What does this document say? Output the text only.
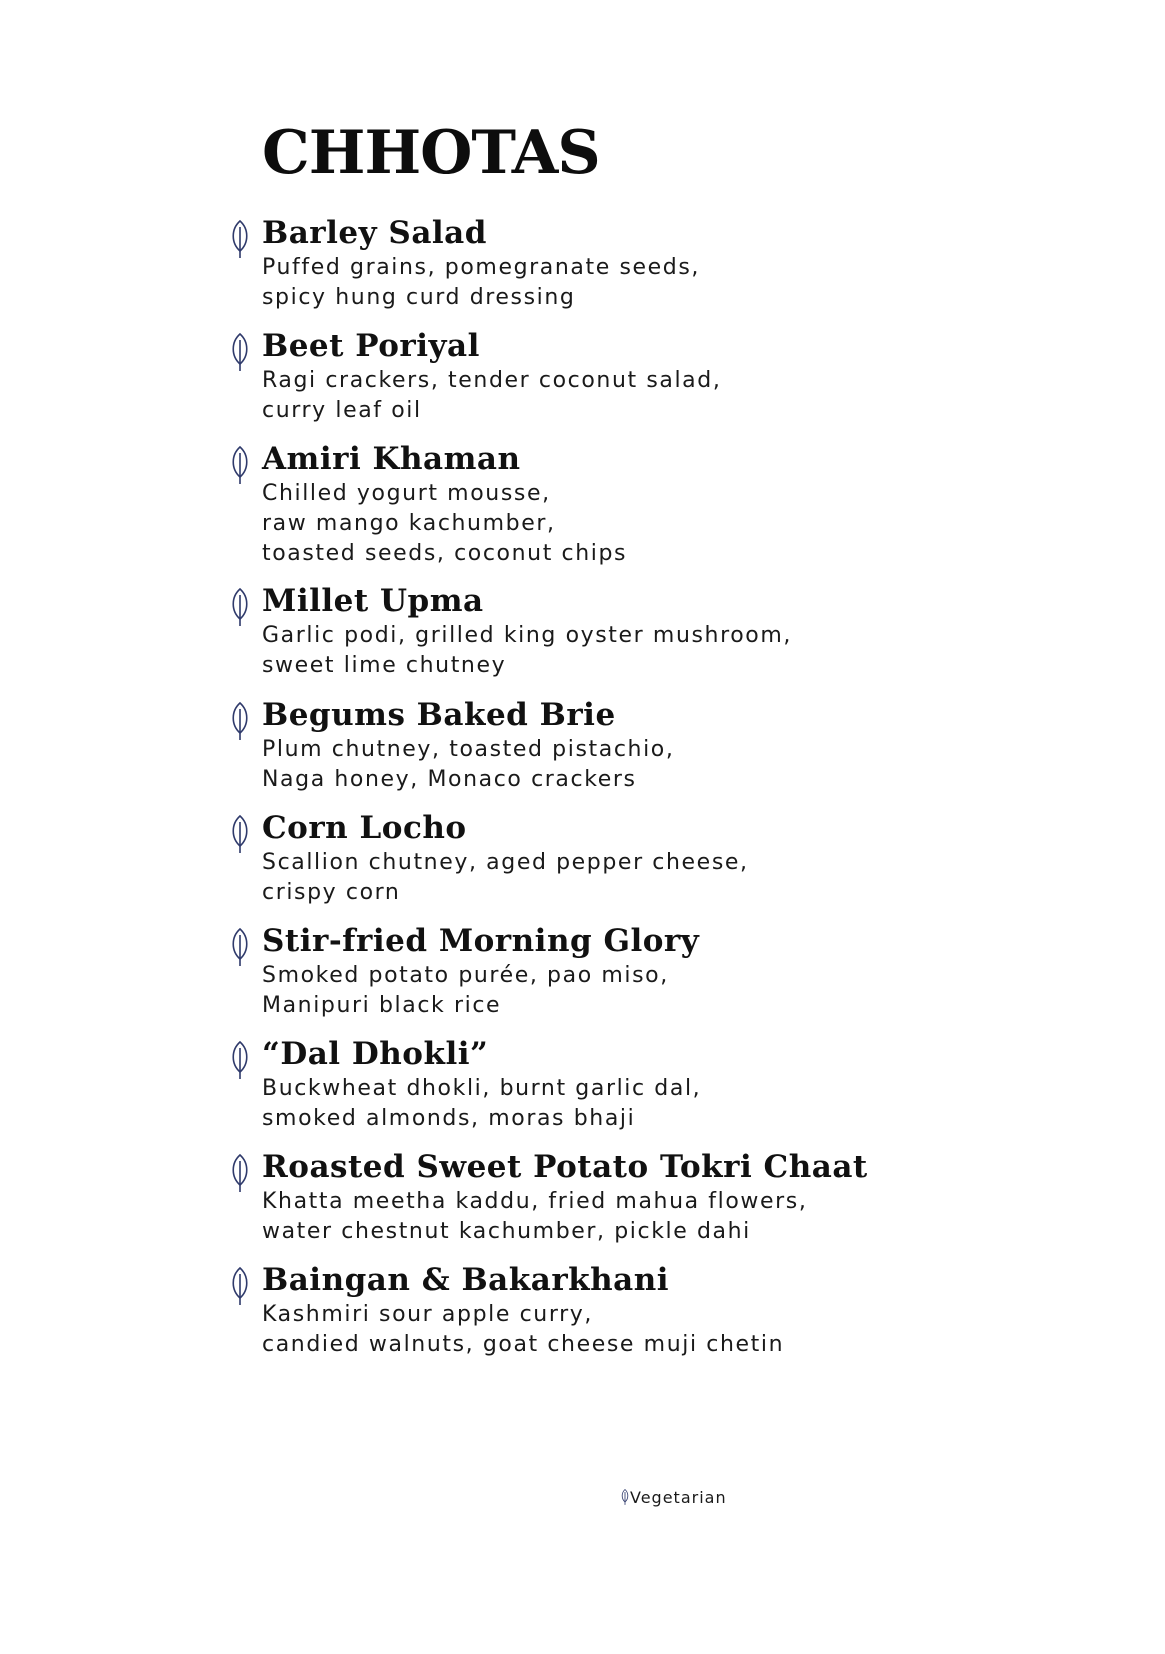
CHHOTAS
Barley Salad
Puffed grains, pomegranate seeds,
spicy hung curd dressing
Beet Poriyal
Ragi crackers, tender coconut salad,
curry leaf oil
Amiri Khaman
Chilled yogurt mousse,
raw mango kachumber,
toasted seeds, coconut chips
Millet Upma
Garlic podi, grilled king oyster mushroom,
sweet lime chutney
Begums Baked Brie
Plum chutney, toasted pistachio,
Naga honey, Monaco crackers
Corn Locho
Scallion chutney, aged pepper cheese,
crispy corn
Stir-fried Morning Glory
Smoked potato purée, pao miso,
Manipuri black rice
“Dal Dhokli”
Buckwheat dhokli, burnt garlic dal,
smoked almonds, moras bhaji
Roasted Sweet Potato Tokri Chaat
Khatta meetha kaddu, fried mahua flowers,
water chestnut kachumber, pickle dahi
Baingan & Bakarkhani
Kashmiri sour apple curry,
candied walnuts, goat cheese muji chetin
Vegetarian
